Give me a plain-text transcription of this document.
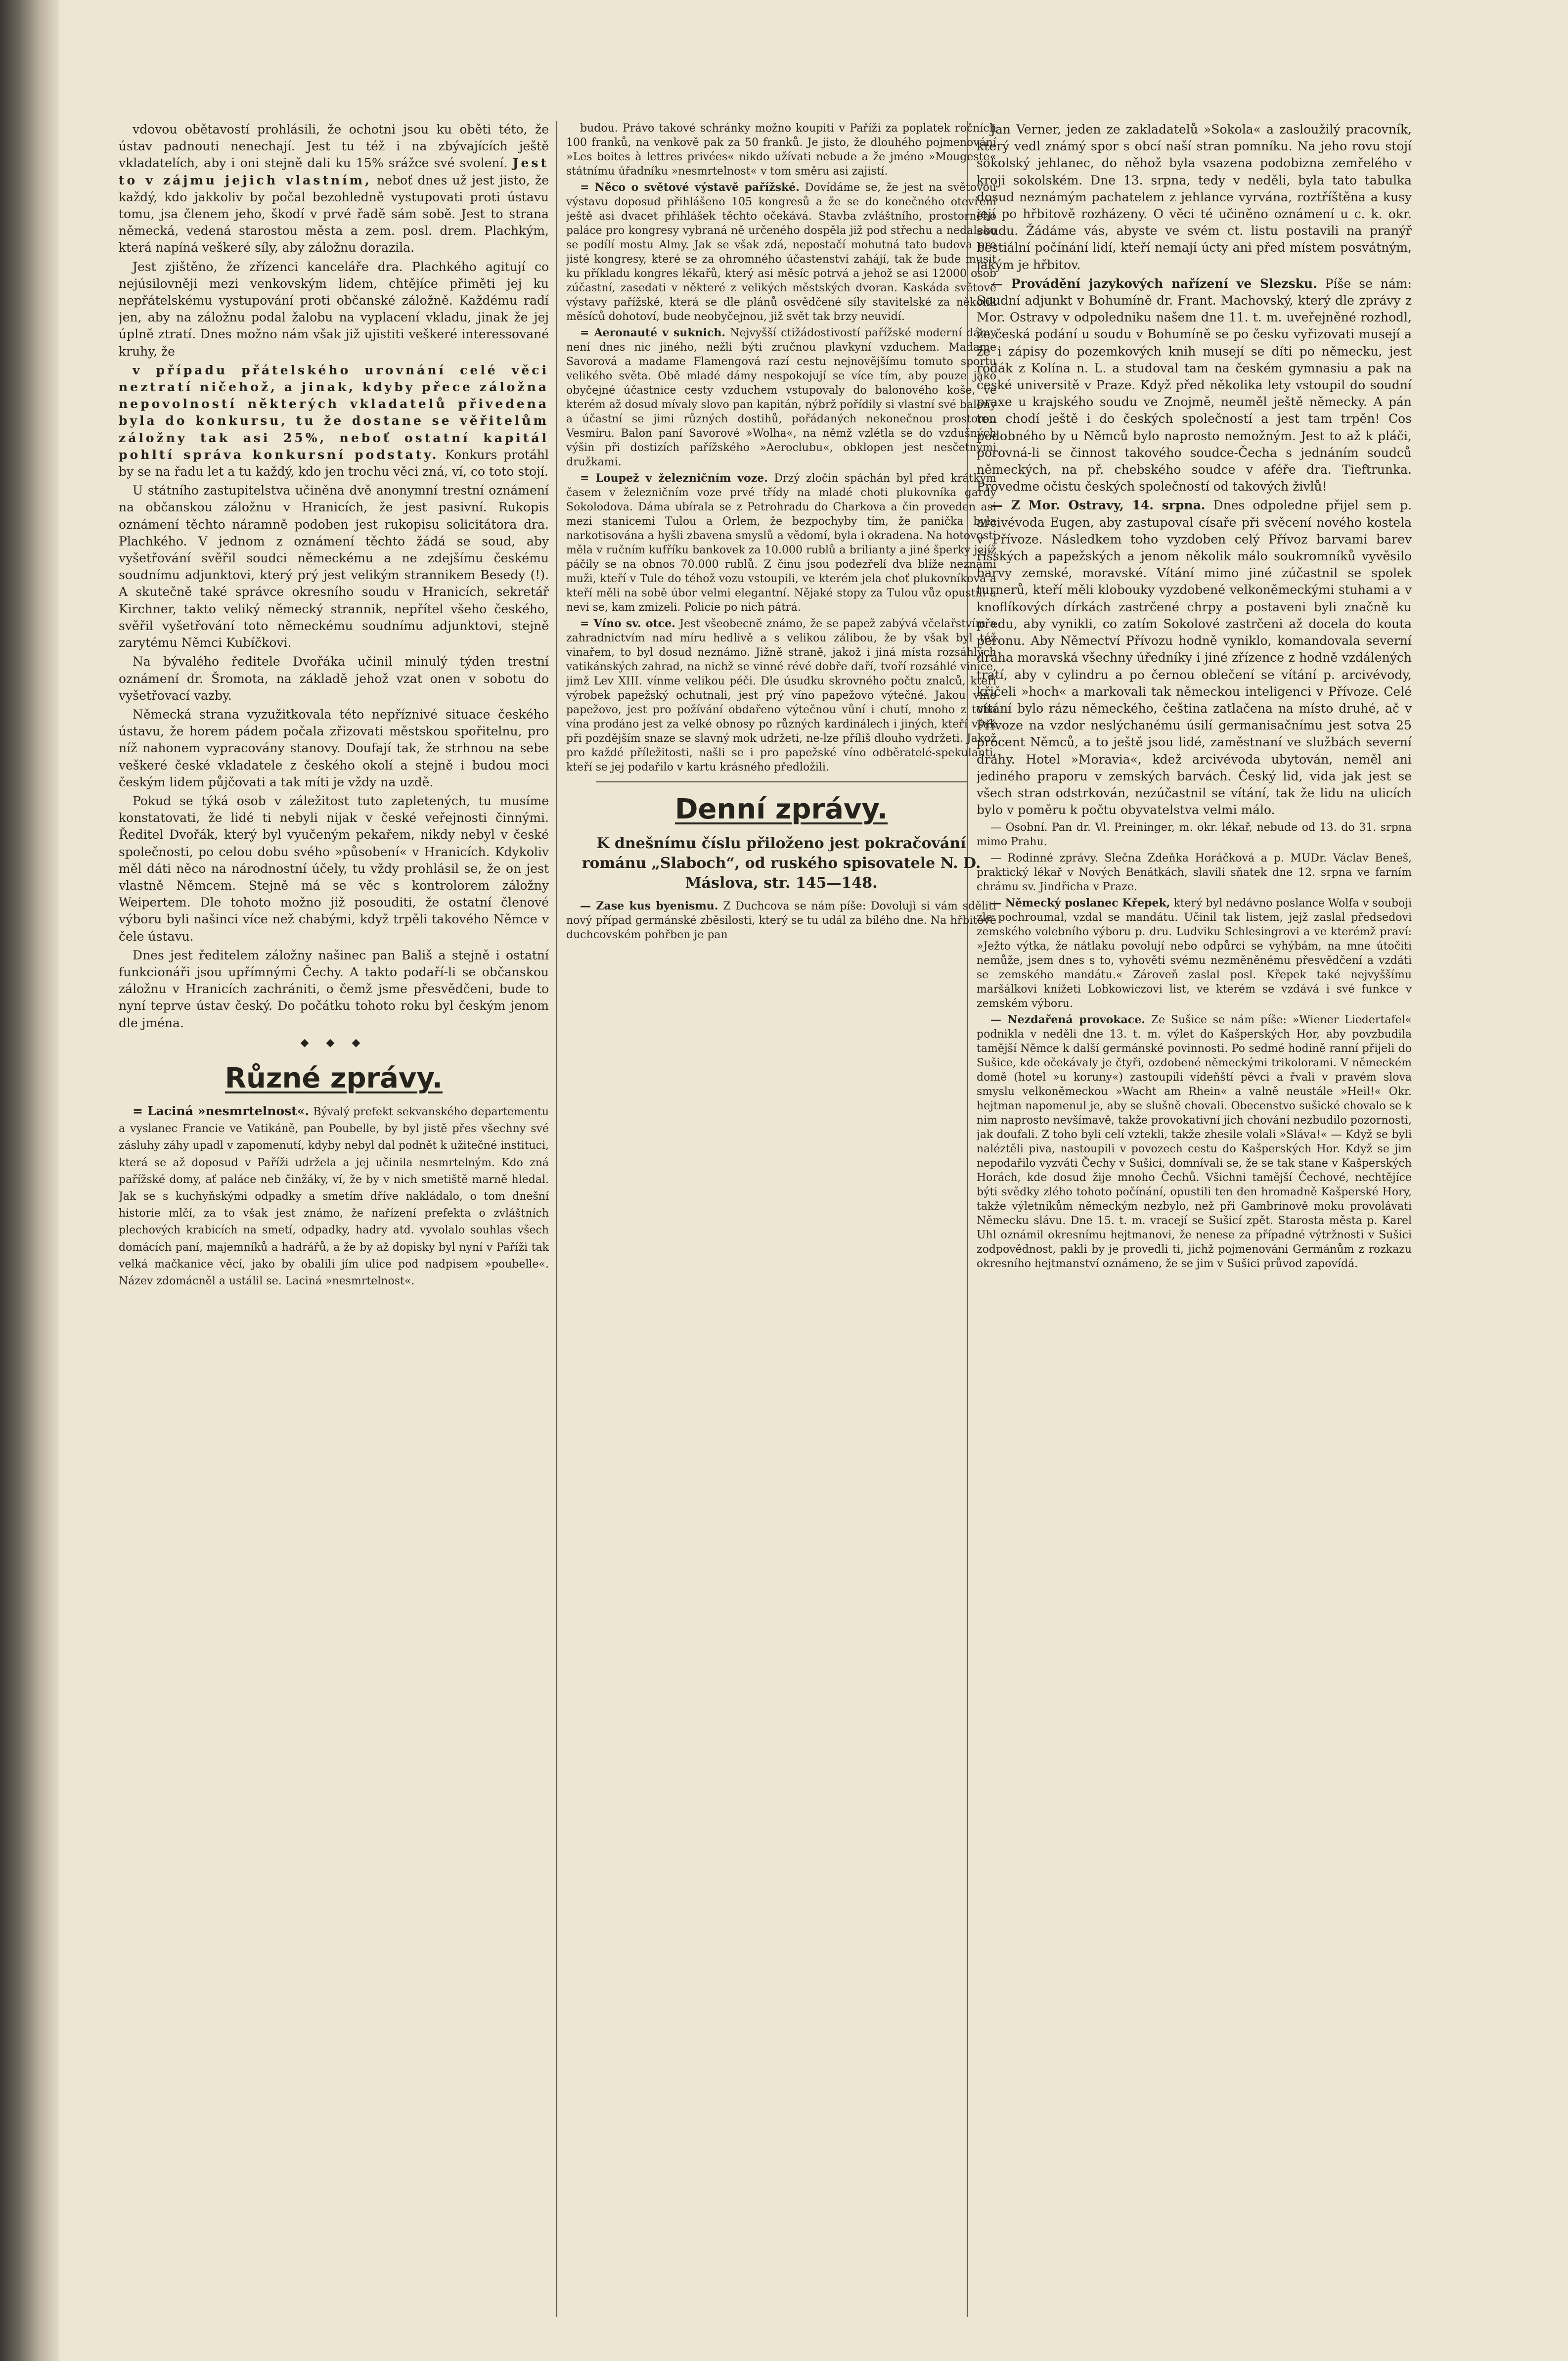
vdovou obětavostí prohlásili, že ochotni jsou ku oběti této, že ústav padnouti nenechají. Jest tu též i na zbývajících ještě vkladatelích, aby i oni stejně dali ku 15% srážce své svolení. Jest to v zájmu jejich vlastním, neboť dnes už jest jisto, že každý, kdo jakkoliv by počal bezohledně vystupovati proti ústavu tomu, jsa členem jeho, škodí v prvé řadě sám sobě. Jest to strana německá, vedená starostou města a zem. posl. drem. Plachkým, která napíná veškeré síly, aby záložnu dorazila.

Jest zjištěno, že zřízenci kanceláře dra. Plachkého agitují co nejúsilovněji mezi venkovským lidem, chtějíce přiměti jej ku nepřátelskému vystupování proti občanské záložně. Každému radí jen, aby na záložnu podal žalobu na vyplacení vkladu, jinak že jej úplně ztratí. Dnes možno nám však již ujistiti veškeré interessované kruhy, že

v případu přátelského urovnání celé věci neztratí ničehož, a jinak, kdyby přece záložna nepovolností některých vkladatelů přivedena byla do konkursu, tu že dostane se věřitelům záložny tak asi 25%, neboť ostatní kapitál pohltí správa konkursní podstaty. Konkurs protáhl by se na řadu let a tu každý, kdo jen trochu věci zná, ví, co toto stojí.

U státního zastupitelstva učiněna dvě anonymní trestní oznámení na občanskou záložnu v Hranicích, že jest pasivní. Rukopis oznámení těchto náramně podoben jest rukopisu solicitátora dra. Plachkého. V jednom z oznámení těchto žádá se soud, aby vyšetřování svěřil soudci německému a ne zdejšímu českému soudnímu adjunktovi, který prý jest velikým strannikem Besedy (!). A skutečně také správce okresního soudu v Hranicích, sekretář Kirchner, takto veliký německý strannik, nepřítel všeho českého, svěřil vyšetřování toto německému soudnímu adjunktovi, stejně zarytému Němci Kubíčkovi.

Na bývalého ředitele Dvořáka učinil minulý týden trestní oznámení dr. Šromota, na základě jehož vzat onen v sobotu do vyšetřovací vazby.

Německá strana vyzužitkovala této nepříznivé situace českého ústavu, že horem pádem počala zřizovati městskou spořitelnu, pro níž nahonem vypracovány stanovy. Doufají tak, že strhnou na sebe veškeré české vkladatele z českého okolí a stejně i budou moci českým lidem půjčovati a tak míti je vždy na uzdě.

Pokud se týká osob v záležitost tuto zapletených, tu musíme konstatovati, že lidé ti nebyli nijak v české veřejnosti činnými. Ředitel Dvořák, který byl vyučeným pekařem, nikdy nebyl v české společnosti, po celou dobu svého »působení« v Hranicích. Kdykoliv měl dáti něco na národnostní účely, tu vždy prohlásil se, že on jest vlastně Němcem. Stejně má se věc s kontrolorem záložny Weipertem. Dle tohoto možno již posouditi, že ostatní členové výboru byli našinci více než chabými, když trpěli takového Němce v čele ústavu.

Dnes jest ředitelem záložny našinec pan Bališ a stejně i ostatní funkcionáři jsou upřímnými Čechy. A takto podaří-li se občanskou záložnu v Hranicích zachrániti, o čemž jsme přesvědčeni, bude to nyní teprve ústav český. Do počátku tohoto roku byl českým jenom dle jména.

◆ ◆ ◆
Různé zprávy.

= Laciná »nesmrtelnost«. Bývalý prefekt sekvanského departementu a vyslanec Francie ve Vatikáně, pan Poubelle, by byl jistě přes všechny své zásluhy záhy upadl v zapomenutí, kdyby nebyl dal podnět k užitečné instituci, která se až doposud v Paříži udržela a jej učinila nesmrtelným. Kdo zná pařížské domy, ať paláce neb činžáky, ví, že by v nich smetiště marně hledal. Jak se s kuchyňskými odpadky a smetím dříve nakládalo, o tom dnešní historie mlčí, za to však jest známo, že nařízení prefekta o zvláštních plechových krabicích na smetí, odpadky, hadry atd. vyvolalo souhlas všech domácích paní, majemníků a hadrářů, a že by až dopisky byl nyní v Paříži tak velká mačkanice věcí, jako by obalili jím ulice pod nadpisem »poubelle«. Název zdomácněl a ustálil se. Laciná »nesmrtelnost«.

budou. Právo takové schránky možno koupiti v Paříži za poplatek ročních 100 franků, na venkově pak za 50 franků. Je jisto, že dlouhého pojmenování »Les boites à lettres privées« nikdo užívati nebude a že jméno »Mougeste« státnímu úřadníku »nesmrtelnost« v tom směru asi zajistí.

= Něco o světové výstavě pařížské. Dovídáme se, že jest na světovou výstavu doposud přihlášeno 105 kongresů a že se do konečného otevření ještě asi dvacet přihlášek těchto očekává. Stavba zvláštního, prostorného paláce pro kongresy vybraná ně určeného dospěla již pod střechu a nedaleko se podílí mostu Almy. Jak se však zdá, nepostačí mohutná tato budova pro jisté kongresy, které se za ohromného účastenství zahájí, tak že bude musit ku příkladu kongres lékařů, který asi měsíc potrvá a jehož se asi 12000 osob zúčastní, zasedati v některé z velikých městských dvoran. Kaskáda světové výstavy pařížské, která se dle plánů osvědčené síly stavitelské za několik měsíců dohotoví, bude neobyčejnou, již svět tak brzy neuvidí.

= Aeronauté v suknich. Nejvyšší ctižádostivostí pařížské moderní dámy není dnes nic jiného, nežli býti zručnou plavkyní vzduchem. Madame Savorová a madame Flamengová razí cestu nejnovějšímu tomuto sportu velikého světa. Obě mladé dámy nespokojují se více tím, aby pouze jako obyčejné účastnice cesty vzduchem vstupovaly do balonového koše, ve kterém až dosud mívaly slovo pan kapitán, nýbrž pořídily si vlastní své balony a účastní se jimi různých dostihů, pořádaných nekonečnou prostorou Vesmíru. Balon paní Savorové »Wolha«, na němž vzlétla se do vzdušných výšin při dostizích pařížského »Aeroclubu«, obklopen jest nesčetnými družkami.

= Loupež v železničním voze. Drzý zločin spáchán byl před krátkým časem v železničním voze prvé třídy na mladé choti plukovníka gardy Sokolodova. Dáma ubírala se z Petrohradu do Charkova a čin proveden asi mezi stanicemi Tulou a Orlem, že bezpochyby tím, že panička byla narkotisována a hyšli zbavena smyslů a vědomí, byla i okradena. Na hotovosti měla v ručním kufříku bankovek za 10.000 rublů a brilianty a jiné šperky jejíž páčily se na obnos 70.000 rublů. Z činu jsou podezřelí dva blíže neznámí muži, kteří v Tule do téhož vozu vstoupili, ve kterém jela choť plukovníkova a kteří měli na sobě úbor velmi elegantní. Nějaké stopy za Tulou vůz opustili a nevi se, kam zmizeli. Policie po nich pátrá.

= Víno sv. otce. Jest všeobecně známo, že se papež zabývá včelařstvím a zahradnictvím nad míru hedlivě a s velikou zálibou, že by však byl též vinařem, to byl dosud neznámo. Jižně straně, jakož i jiná místa rozsáhlých vatikánských zahrad, na nichž se vinné révé dobře daří, tvoří rozsáhlé vinice, jimž Lev XIII. vínme velikou péči. Dle úsudku skrovného počtu znalců, kteří výrobek papežský ochutnali, jest prý víno papežovo výtečné. Jakou víno papežovo, jest pro požívání obdařeno výtečnou vůní i chutí, mnoho z toho vína prodáno jest za velké obnosy po různých kardinálech i jiných, kteří však při pozdějším snaze se slavný mok udržeti, ne-lze příliš dlouho vydržeti. Jakož pro každé příležitosti, našli se i pro papežské víno odběratelé-spekulanti, kteří se jej podařilo v kartu krásného předložili.

Denní zprávy.
K dnešnímu číslu přiloženo jest pokračování románu „Slaboch“, od ruského spisovatele N. D. Máslova, str. 145—148.

— Zase kus byenismu. Z Duchcova se nám píše: Dovolujì si vám sděliti nový případ germánské zběsilosti, který se tu udál za bílého dne. Na hřbitově duchcovském pohřben je pan

Jan Verner, jeden ze zakladatelů »Sokola« a zasloužilý pracovník, který vedl známý spor s obcí naší stran pomníku. Na jeho rovu stojí sokolský jehlanec, do něhož byla vsazena podobizna zemřelého v kroji sokolském. Dne 13. srpna, tedy v neděli, byla tato tabulka dosud neznámým pachatelem z jehlance vyrvána, roztříštěna a kusy její po hřbitově rozházeny. O věci té učiněno oznámení u c. k. okr. soudu. Žádáme vás, abyste ve svém ct. listu postavili na pranýř bestiální počínání lidí, kteří nemají úcty ani před místem posvátným, jakým je hřbitov.

— Provádění jazykových nařízení ve Slezsku. Píše se nám: Soudní adjunkt v Bohumíně dr. Frant. Machovský, který dle zprávy z Mor. Ostravy v odpoledniku našem dne 11. t. m. uveřejněné rozhodl, že česká podání u soudu v Bohumíně se po česku vyřizovati musejí a že i zápisy do pozemkových knih musejí se díti po německu, jest rodák z Kolína n. L. a studoval tam na českém gymnasiu a pak na české universitě v Praze. Když před několika lety vstoupil do soudní praxe u krajského soudu ve Znojmě, neuměl ještě německy. A pán ten chodí ještě i do českých společností a jest tam trpěn! Cos podobného by u Němců bylo naprosto nemožným. Jest to až k pláči, porovná-li se činnost takového soudce-Čecha s jednáním soudců německých, na př. chebského soudce v aféře dra. Tieftrunka. Provedme očistu českých společností od takových živlů!

— Z Mor. Ostravy, 14. srpna. Dnes odpoledne přijel sem p. arcivévoda Eugen, aby zastupoval císaře při svěcení nového kostela v Přívoze. Následkem toho vyzdoben celý Přívoz barvami barev říšských a papežských a jenom několik málo soukromníků vyvěsilo barvy zemské, moravské. Vítání mimo jiné zúčastnil se spolek turnerů, kteří měli klobouky vyzdobené velkoněmeckými stuhami a v knoflíkových dírkách zastrčené chrpy a postaveni byli značně ku předu, aby vynikli, co zatím Sokolové zastrčeni až docela do kouta peronu. Aby Němectví Přívozu hodně vyniklo, komandovala severní dráha moravská všechny úředníky i jiné zřízence z hodně vzdálených tratí, aby v cylindru a po černou oblečení se vítání p. arcivévody, křičeli »hoch« a markovali tak německou inteligenci v Přívoze. Celé vítání bylo rázu německého, čeština zatlačena na místo druhé, ač v Přívoze na vzdor neslýchanému úsilí germanisačnímu jest sotva 25 procent Němců, a to ještě jsou lidé, zaměstnaní ve službách severní dráhy. Hotel »Moravia«, kdež arcivévoda ubytován, neměl ani jediného praporu v zemských barvách. Český lid, vida jak jest se všech stran odstrkován, nezúčastnil se vítání, tak že lidu na ulicích bylo v poměru k počtu obyvatelstva velmi málo.

— Osobní. Pan dr. Vl. Preininger, m. okr. lékař, nebude od 13. do 31. srpna mimo Prahu.

— Rodinné zprávy. Slečna Zdeňka Horáčková a p. MUDr. Václav Beneš, praktický lékař v Nových Benátkách, slavili sňatek dne 12. srpna ve farním chrámu sv. Jindřicha v Praze.

— Německý poslanec Křepek, který byl nedávno poslance Wolfa v souboji zle pochroumal, vzdal se mandátu. Učinil tak listem, jejž zaslal předsedovi zemského volebního výboru p. dru. Ludviku Schlesingrovi a ve kterémž praví: »Ježto výtka, že nátlaku povolují nebo odpůrci se vyhýbám, na mne útočiti nemůže, jsem dnes s to, vyhověti svému nezměněnému přesvědčení a vzdáti se zemského mandátu.« Zároveň zaslal posl. Křepek také nejvyššímu maršálkovi knížeti Lobkowiczovi list, ve kterém se vzdává i své funkce v zemském výboru.

— Nezdařená provokace. Ze Sušice se nám píše: »Wiener Liedertafel« podnikla v neděli dne 13. t. m. výlet do Kašperských Hor, aby povzbudila tamější Němce k další germánské povinnosti. Po sedmé hodině ranní přijeli do Sušice, kde očekávaly je čtyři, ozdobené německými trikolorami. V německém domě (hotel »u koruny«) zastoupili vídeňští pěvci a řvali v pravém slova smyslu velkoněmeckou »Wacht am Rhein« a valně neustále »Heil!« Okr. hejtman napomenul je, aby se slušně chovali. Obecenstvo sušické chovalo se k nim naprosto nevšímavě, takže provokativní jich chování nezbudilo pozornosti, jak doufali. Z toho byli celí vztekli, takže zhesile volali »Sláva!« — Když se byli naléztěli piva, nastoupili v povozech cestu do Kašperských Hor. Když se jim nepodařilo vyzváti Čechy v Sušici, domnívali se, že se tak stane v Kašperských Horách, kde dosud žije mnoho Čechů. Všichni tamější Čechové, nechtějíce býti svědky zlého tohoto počínání, opustili ten den hromadně Kašperské Hory, takže výletníkům německým nezbylo, než při Gambrinově moku provolávati Německu slávu. Dne 15. t. m. vracejí se Sušicí zpět. Starosta města p. Karel Uhl oznámil okresnímu hejtmanovi, že nenese za případné výtržnosti v Sušici zodpovědnost, pakli by je provedli ti, jichž pojmenováni Germánům z rozkazu okresního hejtmanství oznámeno, že se jim v Sušici průvod zapovídá.
